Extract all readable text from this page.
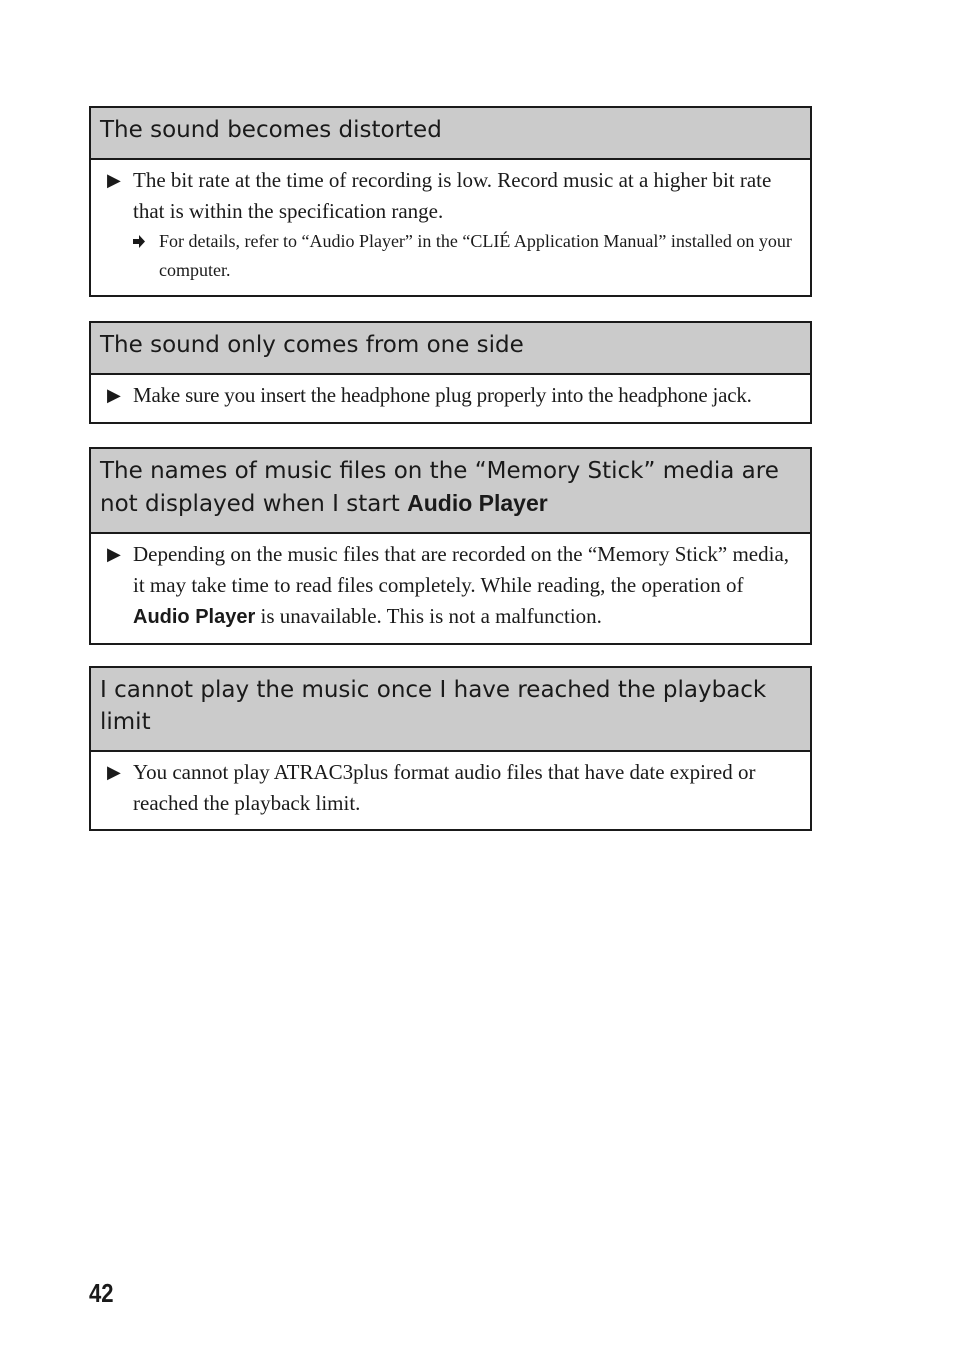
The sound becomes distorted
▶
The bit rate at the time of recording is low. Record music at a higher bit rate that is within the specification range.
For details, refer to “Audio Player” in the “CLIÉ Application Manual” installed on your computer.
The sound only comes from one side
▶
Make sure you insert the headphone plug properly into the headphone jack.
The names of music files on the “Memory Stick” media are not displayed when I start Audio Player
▶
Depending on the music files that are recorded on the “Memory Stick” media, it may take time to read files completely. While reading, the operation of Audio Player is unavailable. This is not a malfunction.
I cannot play the music once I have reached the playback limit
▶
You cannot play ATRAC3plus format audio files that have date expired or reached the playback limit.
42
